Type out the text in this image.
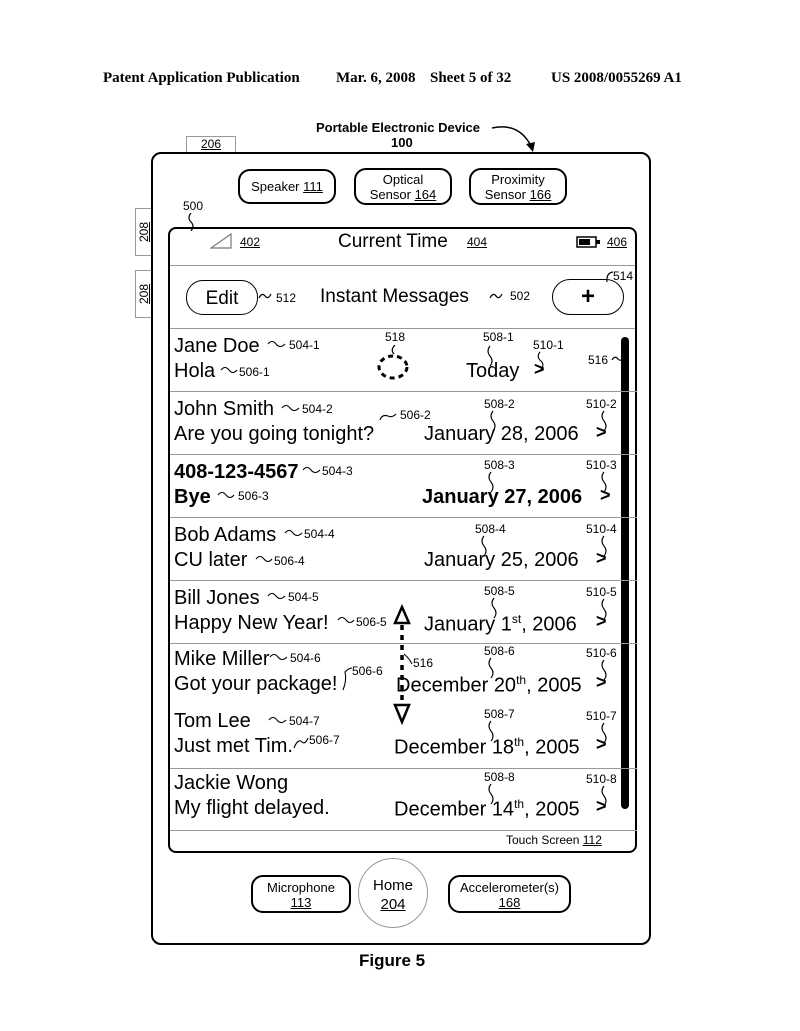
Patent Application Publication Mar. 6, 2008 Sheet 5 of 32	US 2008/0055269 A1
Portable Electronic Device
100
206
208
208
Speaker 111	Optical
Sensor 164
Proximity
Sensor 166
500
402	Current Time 404	406
Edit	512 Instant Messages	502	+
514
516
Jane Doe
Hola	Today >
504-1
506-1
508-1
510-1
518
John Smith
Are you going tonight? January 28, 2006 >
504-2	506-2
508-2	510-2
408-123-4567
Bye	January 27, 2006 >
504-3
506-3
508-3	510-3
Bob Adams
CU later	January 25, 2006 >
504-4
506-4
508-4	510-4
Bill Jones
Happy New Year!	January 1st, 2006 >
504-5
506-5
508-5	510-5
Mike Miller
Got your package!	December 20th, 2005 >
504-6
506-6
508-6	510-6
516
Tom Lee
Just met Tim.	December 18th, 2005 >
504-7
506-7
508-7	510-7
Jackie Wong
My flight delayed.	December 14th, 2005 >
508-8	510-8
Touch Screen 112
Microphone
113
Home
204
Accelerometer(s)
168
Figure 5
